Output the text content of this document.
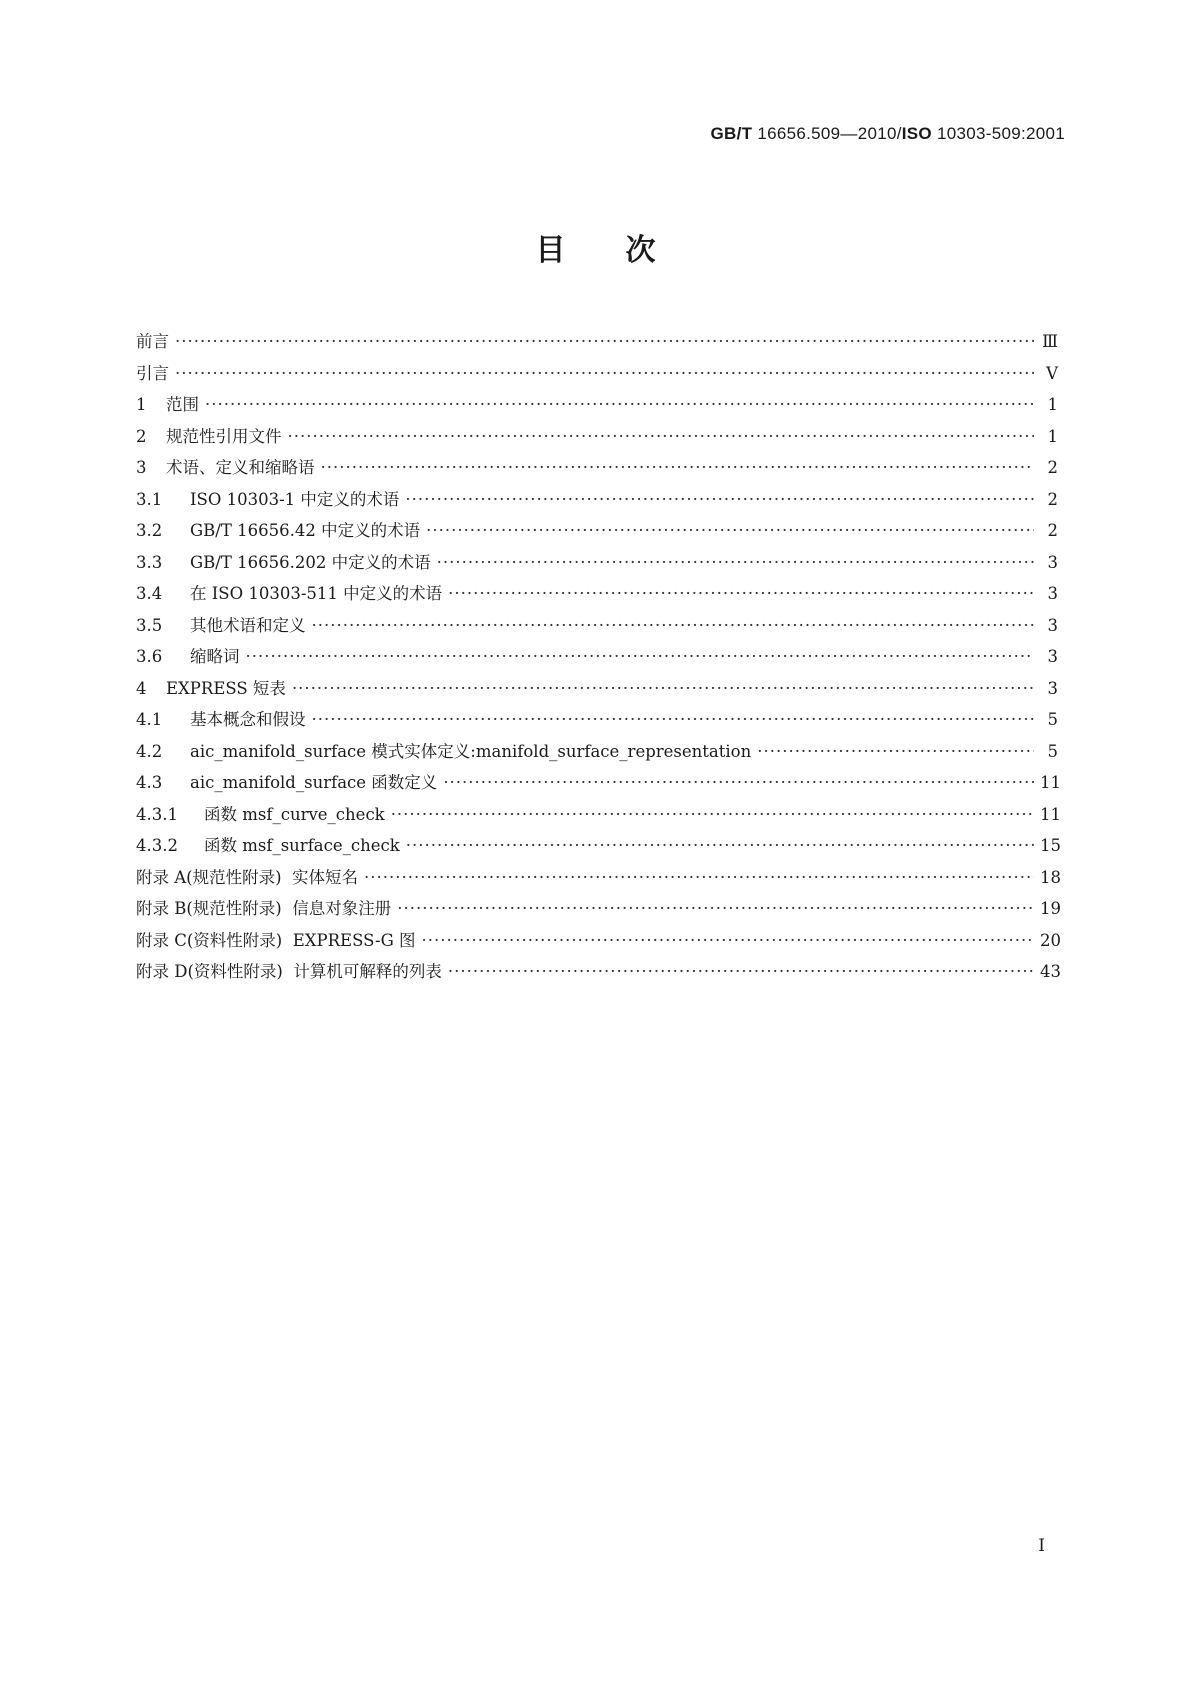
GB/T 16656.509—2010/ISO 10303-509:2001
目次
前言 ·····	Ⅲ
引言 ·····	Ⅴ
1	范围 ·····	1
2	规范性引用文件 ·····	1
3	术语、定义和缩略语 ·····	2
3.1	ISO 10303-1 中定义的术语 ·····	2
3.2	GB/T 16656.42 中定义的术语 ·····	2
3.3	GB/T 16656.202 中定义的术语 ·····	3
3.4	在 ISO 10303-511 中定义的术语 ·····	3
3.5	其他术语和定义 ·····	3
3.6	缩略词 ·····	3
4	EXPRESS 短表 ·····	3
4.1	基本概念和假设 ·····	5
4.2	aic_manifold_surface 模式实体定义:manifold_surface_representation ·····	5
4.3	aic_manifold_surface 函数定义 ·····	11
4.3.1	函数 msf_curve_check ·····	11
4.3.2	函数 msf_surface_check ·····	15
附录 A(规范性附录)  实体短名 ·····	18
附录 B(规范性附录)  信息对象注册 ·····	19
附录 C(资料性附录)  EXPRESS-G 图 ·····	20
附录 D(资料性附录)  计算机可解释的列表 ·····	43
Ⅰ
